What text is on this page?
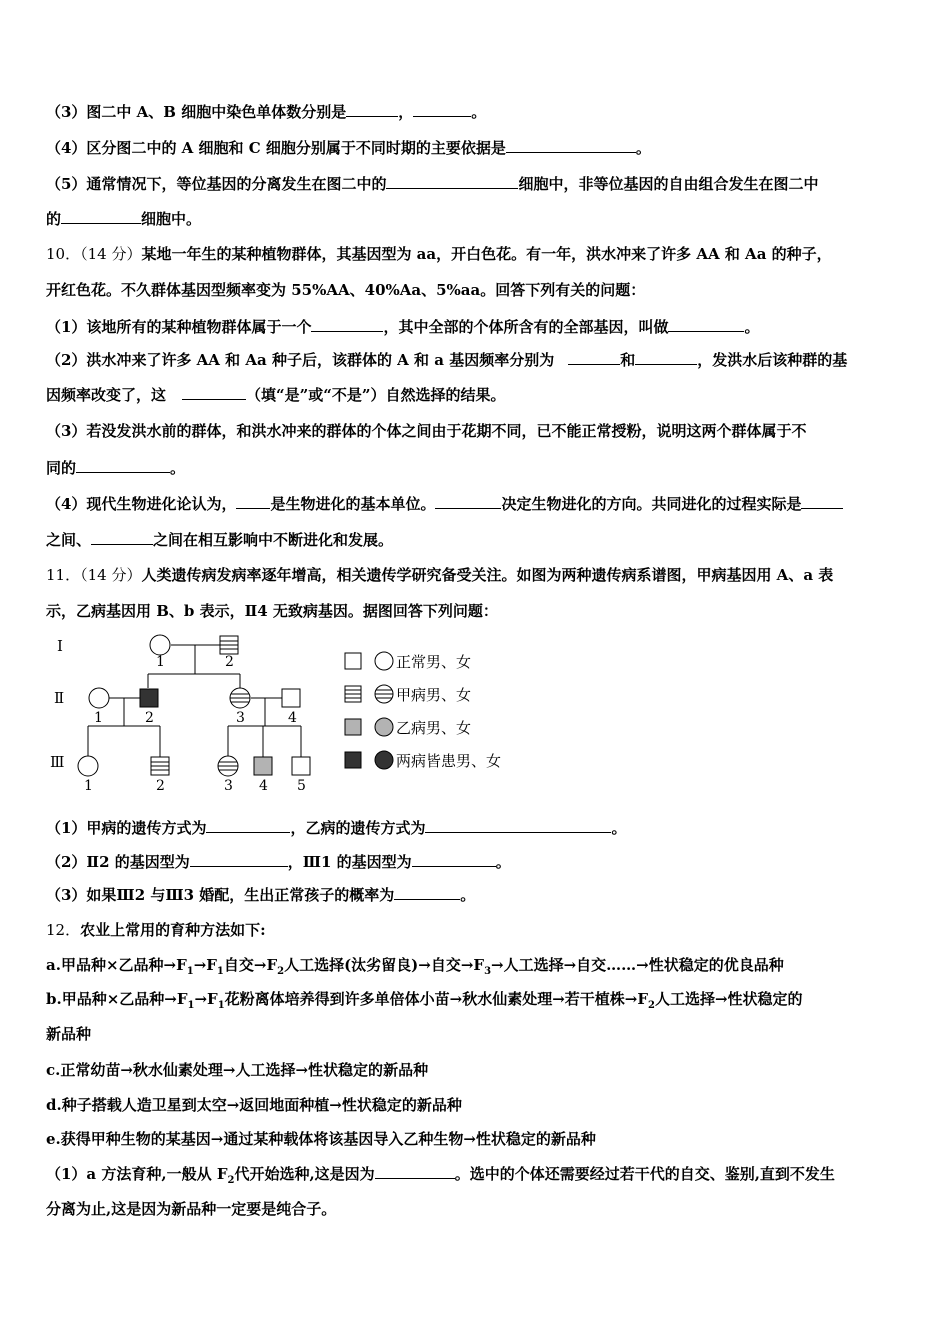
（3）图二中 A、B 细胞中染色单体数分别是	，	。
（4）区分图二中的 A 细胞和 C 细胞分别属于不同时期的主要依据是	。
（5）通常情况下，等位基因的分离发生在图二中的	细胞中，非等位基因的自由组合发生在图二中
的	细胞中。
10．（14 分）某地一年生的某种植物群体，其基因型为 aa，开白色花。有一年，洪水冲来了许多 AA 和 Aa 的种子，
开红色花。不久群体基因型频率变为 55%AA、40%Aa、5%aa。回答下列有关的问题：
（1）该地所有的某种植物群体属于一个	，其中全部的个体所含有的全部基因，叫做	。
（2）洪水冲来了许多 AA 和 Aa 种子后，该群体的 A 和 a 基因频率分别为	和	，发洪水后该种群的基
因频率改变了，这	（填“是”或“不是”）自然选择的结果。
（3）若没发洪水前的群体，和洪水冲来的群体的个体之间由于花期不同，已不能正常授粉，说明这两个群体属于不
同的	。
（4）现代生物进化论认为， 是生物进化的基本单位。	决定生物进化的方向。共同进化的过程实际是
之间、	之间在相互影响中不断进化和发展。
11．（14 分）人类遗传病发病率逐年增高，相关遗传学研究备受关注。如图为两种遗传病系谱图，甲病基因用 A、a 表
示，乙病基因用 B、b 表示，Ⅱ4 无致病基因。据图回答下列问题：
Ⅰ
Ⅱ
Ⅲ
1	2
1	2	3	4
1	2	3 4 5
正常男、女
甲病男、女
乙病男、女
两病皆患男、女
（1）甲病的遗传方式为	，乙病的遗传方式为	。
（2）Ⅱ2 的基因型为	，Ⅲ1 的基因型为	。
（3）如果Ⅲ2 与Ⅲ3 婚配，生出正常孩子的概率为	。
12．农业上常用的育种方法如下:
a.甲品种×乙品种$\to F_1\to F_1$自交$\to F_2$人工选择(汰劣留良)→自交$\to F_3\to$人工选择→自交……→性状稳定的优良品种
b.甲品种×乙品种$\to F_1\to F_1$花粉离体培养得到许多单倍体小苗→秋水仙素处理→若干植株$\to F_2$人工选择→性状稳定的
新品种
c.正常幼苗→秋水仙素处理→人工选择→性状稳定的新品种
d.种子搭载人造卫星到太空→返回地面种植→性状稳定的新品种
e.获得甲种生物的某基因→通过某种载体将该基因导入乙种生物→性状稳定的新品种
（1）a 方法育种,一般从 $F_2$代开始选种,这是因为	。选中的个体还需要经过若干代的自交、鉴别,直到不发生
分离为止,这是因为新品种一定要是纯合子。
